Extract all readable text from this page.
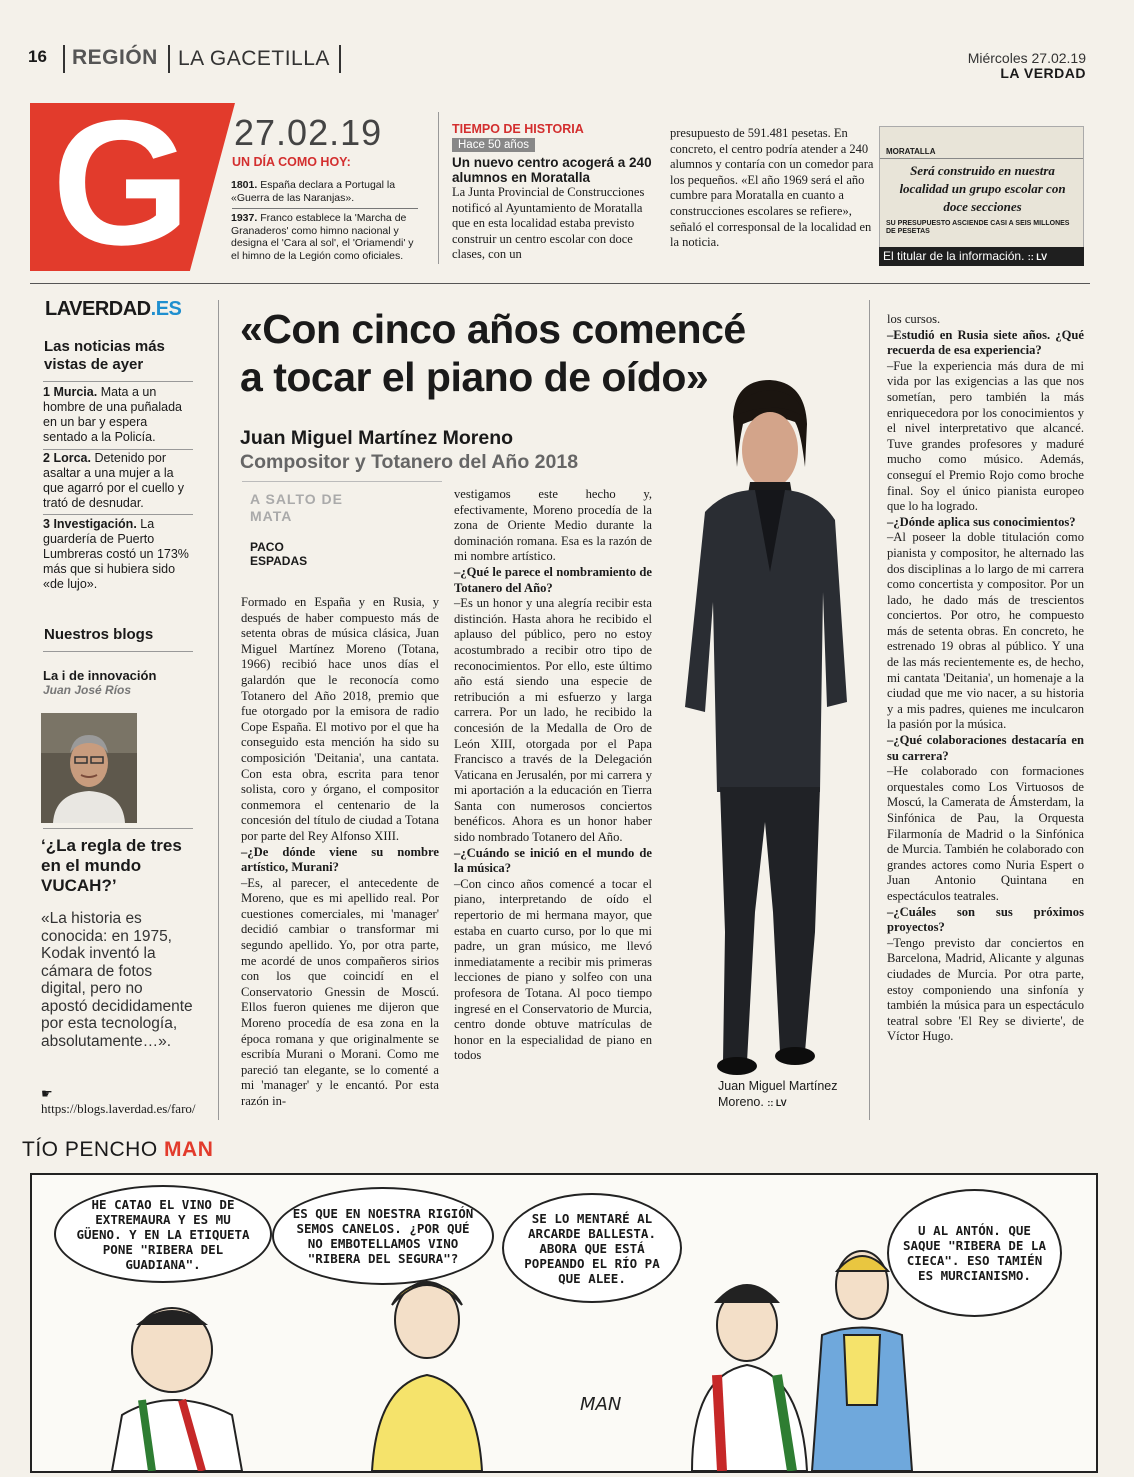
16 REGIÓN LA GACETILLA	Miércoles 27.02.19
LA VERDAD
G 27.02.19
UN DÍA COMO HOY:
1801. España declara a Portugal la «Guerra de las Naranjas».
1937. Franco establece la 'Marcha de Granaderos' como himno nacional y designa el 'Cara al sol', el 'Oriamendi' y el himno de la Legión como oficiales.
TIEMPO DE HISTORIA
Hace 50 años
Un nuevo centro acogerá a 240 alumnos en Moratalla
La Junta Provincial de Construcciones notificó al Ayuntamiento de Moratalla que en esta localidad estaba previsto construir un centro escolar con doce clases, con un
presupuesto de 591.481 pesetas. En concreto, el centro podría atender a 240 alumnos y contaría con un comedor para los pequeños. «El año 1969 será el año cumbre para Moratalla en cuanto a construcciones escolares se refiere», señaló el corresponsal de la localidad en la noticia.
MORATALLA
Será construido en nuestra localidad un grupo escolar con doce secciones
SU PRESUPUESTO ASCIENDE CASI A SEIS MILLONES DE PESETAS
El titular de la información. :: LV
LAVERDAD.ES
Las noticias más vistas de ayer
1 Murcia. Mata a un hombre de una puñalada en un bar y espera sentado a la Policía.
2 Lorca. Detenido por asaltar a una mujer a la que agarró por el cuello y trató de desnudar.
3 Investigación. La guardería de Puerto Lumbreras costó un 173% más que si hubiera sido «de lujo».
Nuestros blogs
La i de innovación
Juan José Ríos
‘¿La regla de tres en el mundo VUCAH?’
«La historia es conocida: en 1975, Kodak inventó la cámara de fotos digital, pero no apostó decididamente por esta tecnología, absolutamente…».
☛https://blogs.laverdad.es/faro/
«Con cinco años comencé a tocar el piano de oído»
Juan Miguel Martínez Moreno
Compositor y Totanero del Año 2018
A SALTO DE MATA
PACO ESPADAS

Formado en España y en Rusia, y después de haber compuesto más de setenta obras de música clásica, Juan Miguel Martínez Moreno (Totana, 1966) recibió hace unos días el galardón que le reconocía como Totanero del Año 2018, premio que fue otorgado por la emisora de radio Cope España. El motivo por el que ha conseguido esta mención ha sido su composición 'Deitania', una cantata. Con esta obra, escrita para tenor solista, coro y órgano, el compositor conmemora el centenario de la concesión del título de ciudad a Totana por parte del Rey Alfonso XIII.

–¿De dónde viene su nombre artístico, Murani?

–Es, al parecer, el antecedente de Moreno, que es mi apellido real. Por cuestiones comerciales, mi 'manager' decidió cambiar o transformar mi segundo apellido. Yo, por otra parte, me acordé de unos compañeros sirios con los que coincidí en el Conservatorio Gnessin de Moscú. Ellos fueron quienes me dijeron que Moreno procedía de esa zona en la época romana y que originalmente se escribía Murani o Morani. Como me pareció tan elegante, se lo comenté a mi 'manager' y le encantó. Por esta razón in-

vestigamos este hecho y, efectivamente, Moreno procedía de la zona de Oriente Medio durante la dominación romana. Esa es la razón de mi nombre artístico.

–¿Qué le parece el nombramiento de Totanero del Año?

–Es un honor y una alegría recibir esta distinción. Hasta ahora he recibido el aplauso del público, pero no estoy acostumbrado a recibir otro tipo de reconocimientos. Por ello, este último año está siendo una especie de retribución a mi esfuerzo y larga carrera. Por un lado, he recibido la concesión de la Medalla de Oro de León XIII, otorgada por el Papa Francisco a través de la Delegación Vaticana en Jerusalén, por mi carrera y mi aportación a la educación en Tierra Santa con numerosos conciertos benéficos. Ahora es un honor haber sido nombrado Totanero del Año.

–¿Cuándo se inició en el mundo de la música?

–Con cinco años comencé a tocar el piano, interpretando de oído el repertorio de mi hermana mayor, que estaba en cuarto curso, por lo que mi padre, un gran músico, me llevó inmediatamente a recibir mis primeras lecciones de piano y solfeo con una profesora de Totana. Al poco tiempo ingresé en el Conservatorio de Murcia, centro donde obtuve matrículas de honor en la especialidad de piano en todos

los cursos.

–Estudió en Rusia siete años. ¿Qué recuerda de esa experiencia?

–Fue la experiencia más dura de mi vida por las exigencias a las que nos sometían, pero también la más enriquecedora por los conocimientos y el nivel interpretativo que alcancé. Tuve grandes profesores y maduré mucho como músico. Además, conseguí el Premio Rojo como broche final. Soy el único pianista europeo que lo ha logrado.

–¿Dónde aplica sus conocimientos?

–Al poseer la doble titulación como pianista y compositor, he alternado las dos disciplinas a lo largo de mi carrera como concertista y compositor. Por un lado, he dado más de trescientos conciertos. Por otro, he compuesto más de setenta obras. En concreto, he estrenado 19 obras al público. Y una de las más recientemente es, de hecho, mi cantata 'Deitania', un homenaje a la ciudad que me vio nacer, a su historia y a mis padres, quienes me inculcaron la pasión por la música.

–¿Qué colaboraciones destacaría en su carrera?

–He colaborado con formaciones orquestales como Los Virtuosos de Moscú, la Camerata de Ámsterdam, la Sinfónica de Pau, la Orquesta Filarmonía de Madrid o la Sinfónica de Murcia. También he colaborado con grandes actores como Nuria Espert o Juan Antonio Quintana en espectáculos teatrales.

–¿Cuáles son sus próximos proyectos?

–Tengo previsto dar conciertos en Barcelona, Madrid, Alicante y algunas ciudades de Murcia. Por otra parte, estoy componiendo una sinfonía y también la música para un espectáculo teatral sobre 'El Rey se divierte', de Víctor Hugo.

Juan Miguel Martínez Moreno. :: LV
TÍO PENCHO MAN
HE CATAO EL VINO DE EXTREMAURA Y ES MU GÜENO. Y EN LA ETIQUETA PONE "RIBERA DEL GUADIANA".
ES QUE EN NOESTRA RIGIÓN SEMOS CANELOS. ¿POR QUÉ NO EMBOTELLAMOS VINO "RIBERA DEL SEGURA"?
SE LO MENTARÉ AL ARCARDE BALLESTA. ABORA QUE ESTÁ POPEANDO EL RÍO PA QUE ALEE.
U AL ANTÓN. QUE SAQUE "RIBERA DE LA CIECA". ESO TAMIÉN ES MURCIANISMO.
MAN
